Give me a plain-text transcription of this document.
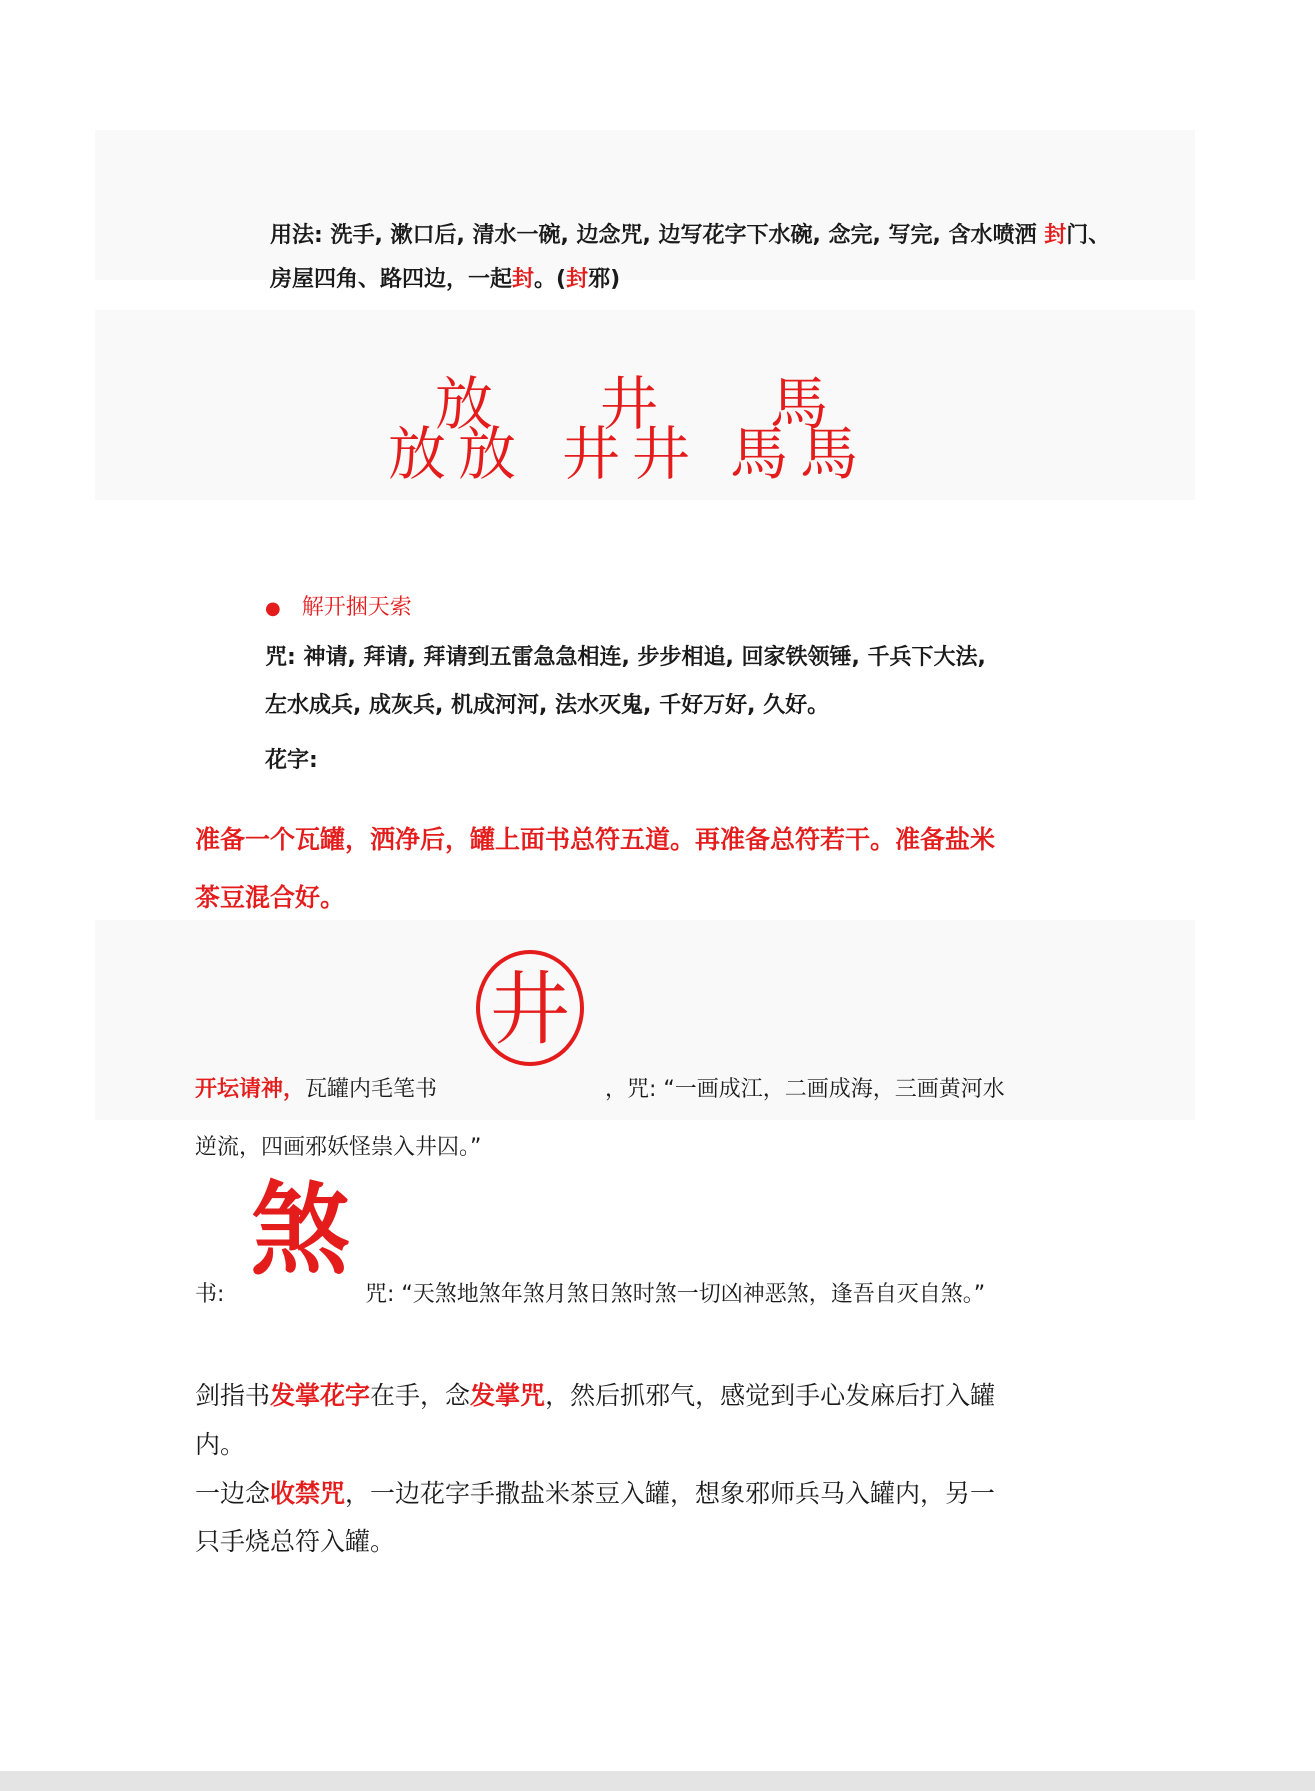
用法: 洗手, 漱口后, 清水一碗, 边念咒, 边写花字下水碗, 念完, 写完, 含水喷洒 封门、
房屋四角、路四边，一起封。(封邪)
放
放 放
井
井 井
馬
馬 馬
● 解开捆天索
咒: 神请, 拜请, 拜请到五雷急急相连, 步步相追, 回家铁领锤, 千兵下大法,
左水成兵, 成灰兵, 机成河河, 法水灭鬼, 千好万好, 久好。
花字:
准备一个瓦罐，洒净后，罐上面书总符五道。再准备总符若干。准备盐米
茶豆混合好。
井
开坛请神，瓦罐内毛笔书	，咒: “一画成江，二画成海，三画黄河水
逆流，四画邪妖怪祟入井囚。”
煞
书:	咒: “天煞地煞年煞月煞日煞时煞一切凶神恶煞，逢吾自灭自煞。”
剑指书发掌花字在手，念发掌咒，然后抓邪气，感觉到手心发麻后打入罐
内。
一边念收禁咒，一边花字手撒盐米茶豆入罐，想象邪师兵马入罐内，另一
只手烧总符入罐。
